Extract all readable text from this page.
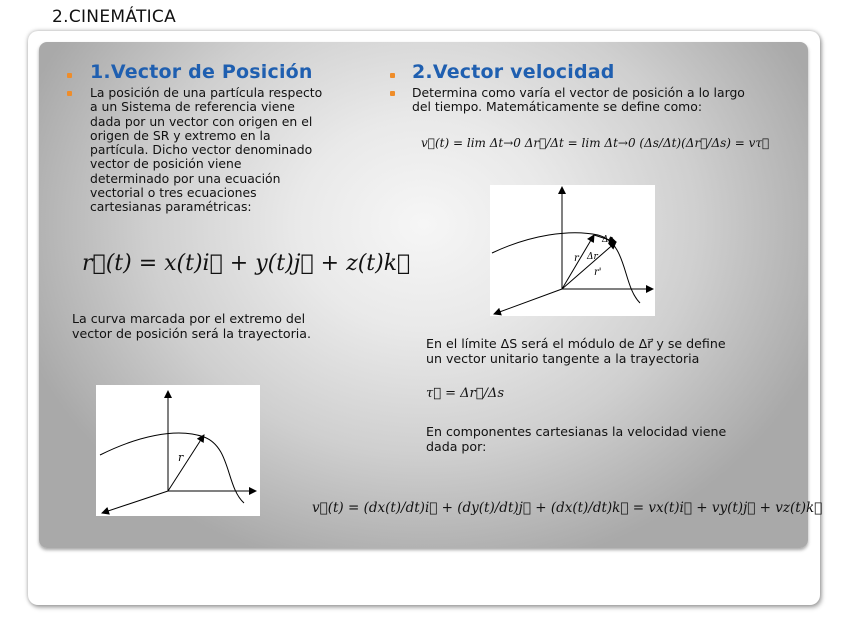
2.CINEMÁTICA
1.Vector de Posición
La posición de una partícula respecto
a un Sistema de referencia viene
dada por un vector con origen en el
origen de SR y extremo en la
partícula. Dicho vector denominado
vector de posición viene
determinado por una ecuación
vectorial o tres ecuaciones
cartesianas paramétricas:
r⃗(t) = x(t)i⃗ + y(t)j⃗ + z(t)k⃗
La curva marcada por el extremo del
vector de posición será la trayectoria.
r
2.Vector velocidad
Determina como varía el vector de posición a lo largo
del tiempo. Matemáticamente se define como:
v⃗(t) = lim Δt→0 Δr⃗/Δt = lim Δt→0 (Δs/Δt)(Δr⃗/Δs) = vτ⃗
Δs
Δr
r
r'
En el límite ΔS será el módulo de Δr⃗ y se define
un vector unitario tangente a la trayectoria
τ⃗ = Δr⃗/Δs
En componentes cartesianas la velocidad viene
dada por:
v⃗(t) = (dx(t)/dt)i⃗ + (dy(t)/dt)j⃗ + (dx(t)/dt)k⃗ = vx(t)i⃗ + vy(t)j⃗ + vz(t)k⃗
